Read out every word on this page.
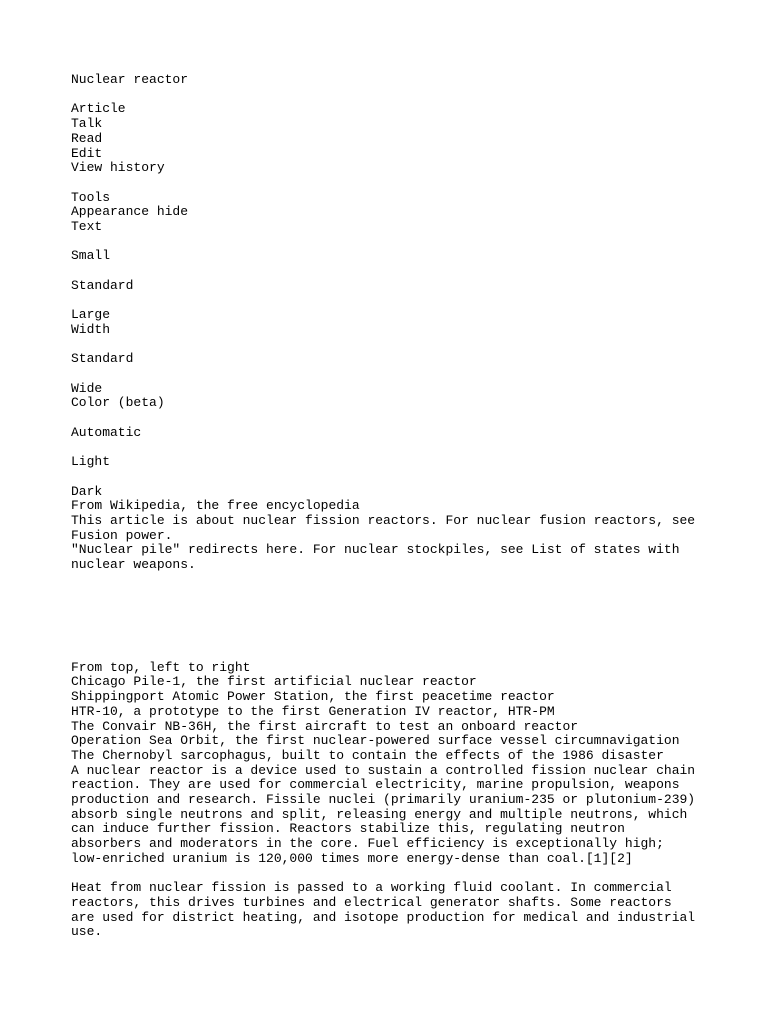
Nuclear reactor
Article
Talk
Read
Edit
View history
Tools
Appearance hide
Text
Small
Standard
Large
Width
Standard
Wide
Color (beta)
Automatic
Light
Dark
From Wikipedia, the free encyclopedia
This article is about nuclear fission reactors. For nuclear fusion reactors, see Fusion power.
"Nuclear pile" redirects here. For nuclear stockpiles, see List of states with nuclear weapons.
From top, left to right
Chicago Pile-1, the first artificial nuclear reactor
Shippingport Atomic Power Station, the first peacetime reactor
HTR-10, a prototype to the first Generation IV reactor, HTR-PM
The Convair NB-36H, the first aircraft to test an onboard reactor
Operation Sea Orbit, the first nuclear-powered surface vessel circumnavigation
The Chernobyl sarcophagus, built to contain the effects of the 1986 disaster
A nuclear reactor is a device used to sustain a controlled fission nuclear chain reaction. They are used for commercial electricity, marine propulsion, weapons production and research. Fissile nuclei (primarily uranium-235 or plutonium-239) absorb single neutrons and split, releasing energy and multiple neutrons, which can induce further fission. Reactors stabilize this, regulating neutron absorbers and moderators in the core. Fuel efficiency is exceptionally high; low-enriched uranium is 120,000 times more energy-dense than coal.[1][2]
Heat from nuclear fission is passed to a working fluid coolant. In commercial reactors, this drives turbines and electrical generator shafts. Some reactors are used for district heating, and isotope production for medical and industrial use.
